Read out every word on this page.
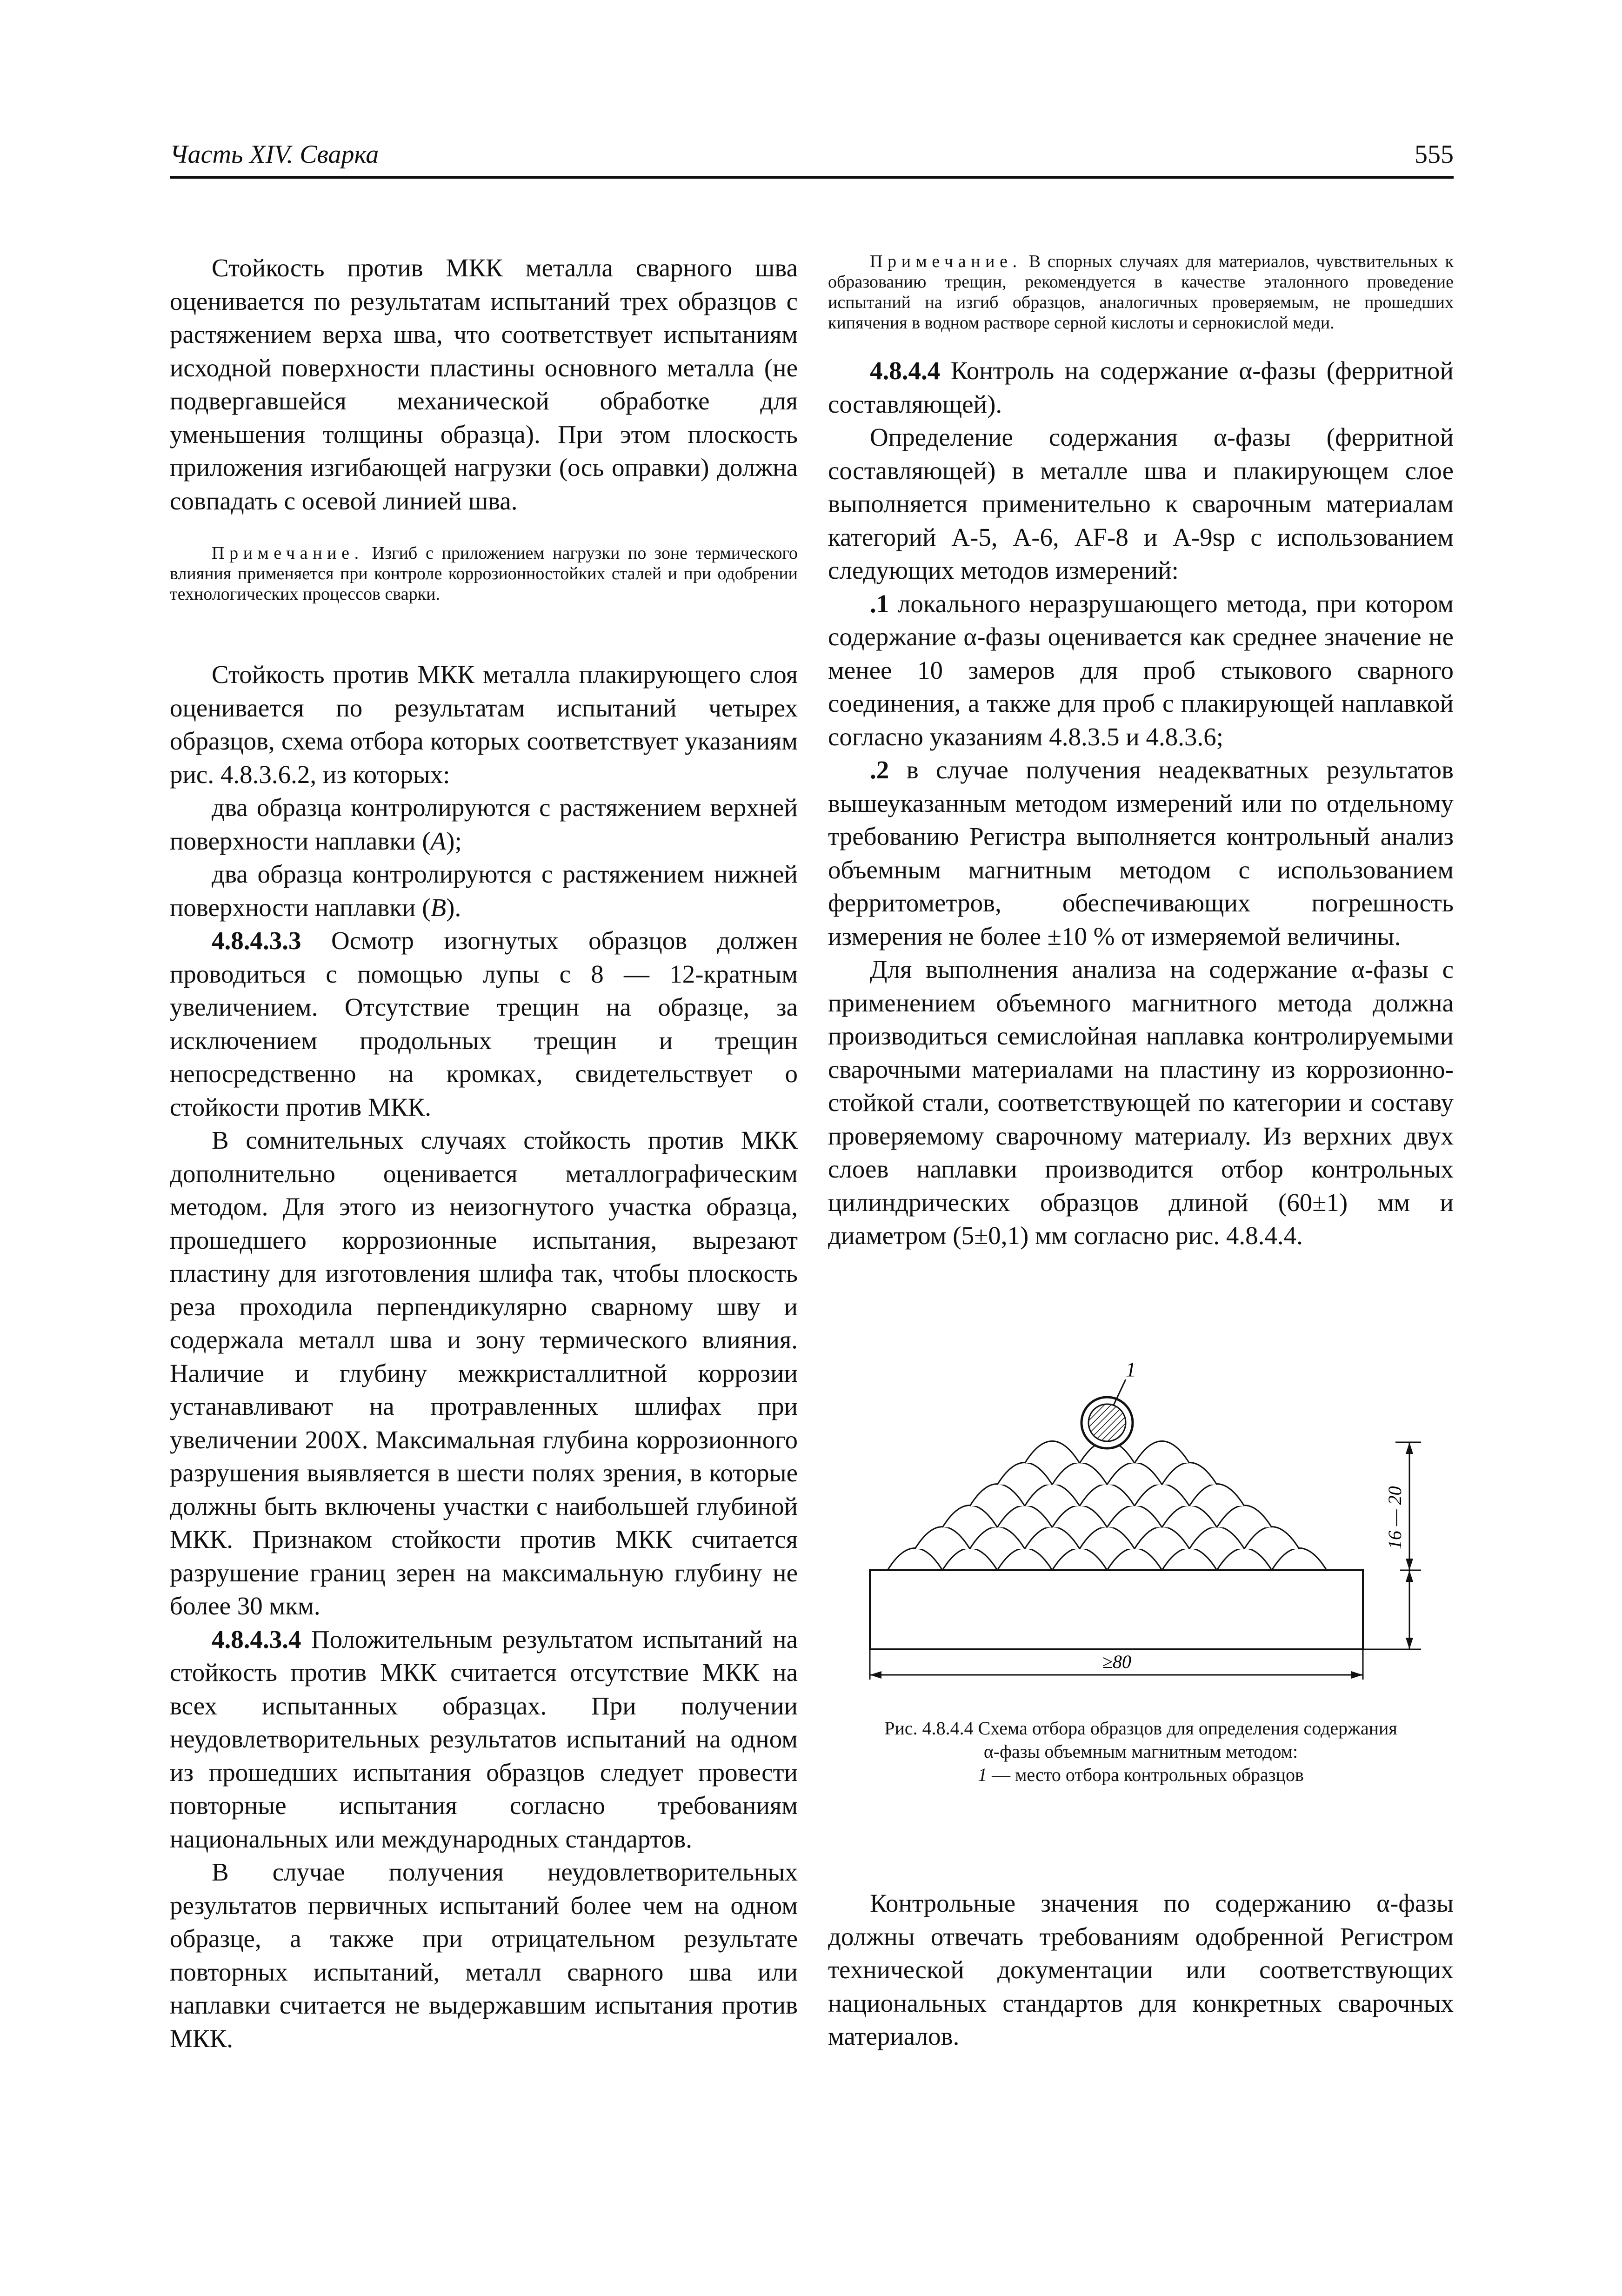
Часть XIV. Сварка	555

Стойкость против МКК металла сварного шва оценивается по результатам испытаний трех образцов с растяжением верха шва, что соответствует испытаниям исходной поверхности пластины основного металла (не подвергавшейся механической обработке для уменьшения толщины образца). При этом плоскость приложения изгибающей нагрузки (ось оправки) должна совпадать с осевой линией шва.

Примечание. Изгиб с приложением нагрузки по зоне термического влияния применяется при контроле коррозионностойких сталей и при одобрении технологических процессов сварки.

Стойкость против МКК металла плакирующего слоя оценивается по результатам испытаний четырех образцов, схема отбора которых соответствует указаниям рис. 4.8.3.6.2, из которых:

два образца контролируются с растяжением верхней поверхности наплавки (A);

два образца контролируются с растяжением нижней поверхности наплавки (B).

4.8.4.3.3 Осмотр изогнутых образцов должен проводиться с помощью лупы с 8 — 12-кратным увеличением. Отсутствие трещин на образце, за исключением продольных трещин и трещин непосредственно на кромках, свидетельствует о стойкости против МКК.

В сомнительных случаях стойкость против МКК дополнительно оценивается металлографическим методом. Для этого из неизогнутого участка образца, прошедшего коррозионные испытания, вырезают пластину для изготовления шлифа так, чтобы плоскость реза проходила перпендикулярно сварному шву и содержала металл шва и зону термического влияния. Наличие и глубину межкристаллитной коррозии устанавливают на протравленных шлифах при увеличении 200X. Максимальная глубина коррозионного разрушения выявляется в шести полях зрения, в которые должны быть включены участки с наибольшей глубиной МКК. Признаком стойкости против МКК считается разрушение границ зерен на максимальную глубину не более 30 мкм.

4.8.4.3.4 Положительным результатом испытаний на стойкость против МКК считается отсутствие МКК на всех испытанных образцах. При получении неудовлетворительных результатов испытаний на одном из прошедших испытания образцов следует провести повторные испытания согласно требованиям национальных или международных стандартов.

В случае получения неудовлетворительных результатов первичных испытаний более чем на одном образце, а также при отрицательном результате повторных испытаний, металл сварного шва или наплавки считается не выдержавшим испытания против МКК.

Примечание. В спорных случаях для материалов, чувствительных к образованию трещин, рекомендуется в качестве эталонного проведение испытаний на изгиб образцов, аналогичных проверяемым, не прошедших кипячения в водном растворе серной кислоты и сернокислой меди.

4.8.4.4 Контроль на содержание α-фазы (ферритной составляющей).

Определение содержания α-фазы (ферритной составляющей) в металле шва и плакирующем слое выполняется применительно к сварочным материалам категорий А-5, А-6, AF-8 и А-9sp с использованием следующих методов измерений:

.1 локального неразрушающего метода, при котором содержание α-фазы оценивается как среднее значение не менее 10 замеров для проб стыкового сварного соединения, а также для проб с плакирующей наплавкой согласно указаниям 4.8.3.5 и 4.8.3.6;

.2 в случае получения неадекватных результатов вышеуказанным методом измерений или по отдельному требованию Регистра выполняется контрольный анализ объемным магнитным методом с использованием ферритометров, обеспечивающих погрешность измерения не более ±10 % от измеряемой величины.

Для выполнения анализа на содержание α-фазы с применением объемного магнитного метода должна производиться семислойная наплавка контролируемыми сварочными материалами на пластину из коррозионно-стойкой стали, соответствующей по категории и составу проверяемому сварочному материалу. Из верхних двух слоев наплавки производится отбор контрольных цилиндрических образцов длиной (60±1) мм и диаметром (5±0,1) мм согласно рис. 4.8.4.4.

1
16 — 20
≥80
Рис. 4.8.4.4 Схема отбора образцов для определения содержания
α-фазы объемным магнитным методом:
1 — место отбора контрольных образцов

Контрольные значения по содержанию α-фазы должны отвечать требованиям одобренной Регистром технической документации или соответствующих национальных стандартов для конкретных сварочных материалов.
